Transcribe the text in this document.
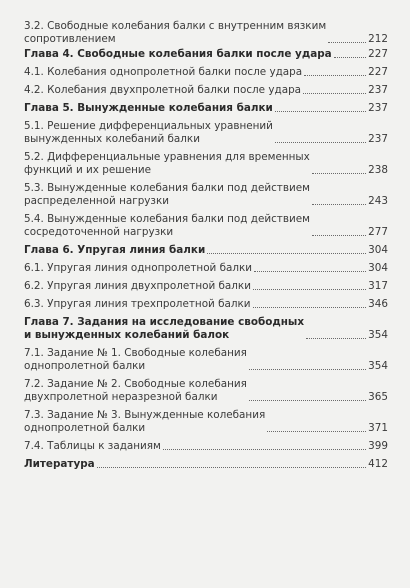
3.2. Свободные колебания балки с внутренним вязким
сопротивлением	212
Глава 4. Свободные колебания балки после удара	227
4.1. Колебания однопролетной балки после удара	227
4.2. Колебания двухпролетной балки после удара	237
Глава 5. Вынужденные колебания балки	237
5.1. Решение дифференциальных уравнений
вынужденных колебаний балки	237
5.2. Дифференциальные уравнения для временных
функций и их решение	238
5.3. Вынужденные колебания балки под действием
распределенной нагрузки	243
5.4. Вынужденные колебания балки под действием
сосредоточенной нагрузки	277
Глава 6. Упругая линия балки	304
6.1. Упругая линия однопролетной балки	304
6.2. Упругая линия двухпролетной балки	317
6.3. Упругая линия трехпролетной балки	346
Глава 7. Задания на исследование свободных
и вынужденных колебаний балок	354
7.1. Задание № 1. Свободные колебания
однопролетной балки	354
7.2. Задание № 2. Свободные колебания
двухпролетной неразрезной балки	365
7.3. Задание № 3. Вынужденные колебания
однопролетной балки	371
7.4. Таблицы к заданиям	399
Литература	412
